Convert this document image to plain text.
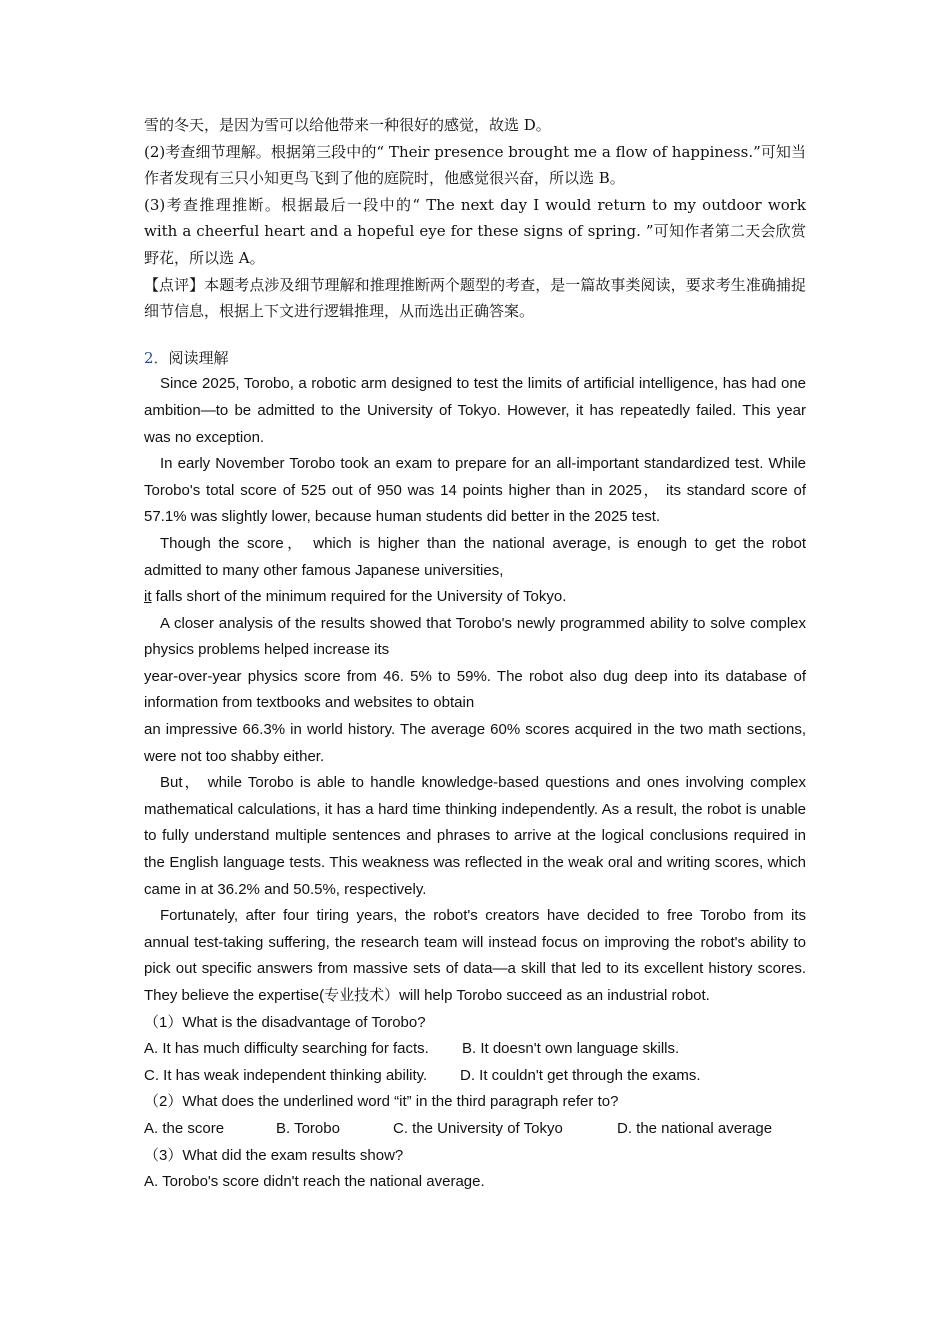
雪的冬天，是因为雪可以给他带来一种很好的感觉，故选 D。

(2)考查细节理解。根据第三段中的“ Their presence brought me a flow of happiness.”可知当作者发现有三只小知更鸟飞到了他的庭院时，他感觉很兴奋，所以选 B。

(3)考查推理推断。根据最后一段中的“ The next day I would return to my outdoor work with a cheerful heart and a hopeful eye for these signs of spring. ”可知作者第二天会欣赏野花，所以选 A。

【点评】本题考点涉及细节理解和推理推断两个题型的考查，是一篇故事类阅读，要求考生准确捕捉细节信息，根据上下文进行逻辑推理，从而选出正确答案。

2．阅读理解

Since 2025, Torobo, a robotic arm designed to test the limits of artificial intelligence, has had one ambition—to be admitted to the University of Tokyo. However, it has repeatedly failed. This year was no exception.

In early November Torobo took an exam to prepare for an all-important standardized test. While Torobo's total score of 525 out of 950 was 14 points higher than in 2025， its standard score of 57.1% was slightly lower, because human students did better in the 2025 test.

Though the score， which is higher than the national average, is enough to get the robot admitted to many other famous Japanese universities,

it falls short of the minimum required for the University of Tokyo.

A closer analysis of the results showed that Torobo's newly programmed ability to solve complex physics problems helped increase its

year-over-year physics score from 46. 5% to 59%. The robot also dug deep into its database of information from textbooks and websites to obtain

an impressive 66.3% in world history. The average 60% scores acquired in the two math sections, were not too shabby either.

But， while Torobo is able to handle knowledge-based questions and ones involving complex mathematical calculations, it has a hard time thinking independently. As a result, the robot is unable to fully understand multiple sentences and phrases to arrive at the logical conclusions required in the English language tests. This weakness was reflected in the weak oral and writing scores, which came in at 36.2% and 50.5%, respectively.

Fortunately, after four tiring years, the robot's creators have decided to free Torobo from its annual test-taking suffering, the research team will instead focus on improving the robot's ability to pick out specific answers from massive sets of data—a skill that led to its excellent history scores. They believe the expertise(专业技术）will help Torobo succeed as an industrial robot.

（1）What is the disadvantage of Torobo?

A. It has much difficulty searching for facts.	B. It doesn't own language skills.
C. It has weak independent thinking ability.	D. It couldn't get through the exams.

（2）What does the underlined word “it” in the third paragraph refer to?

A. the score	B. Torobo	C. the University of Tokyo	D. the national average

（3）What did the exam results show?

A. Torobo's score didn't reach the national average.
